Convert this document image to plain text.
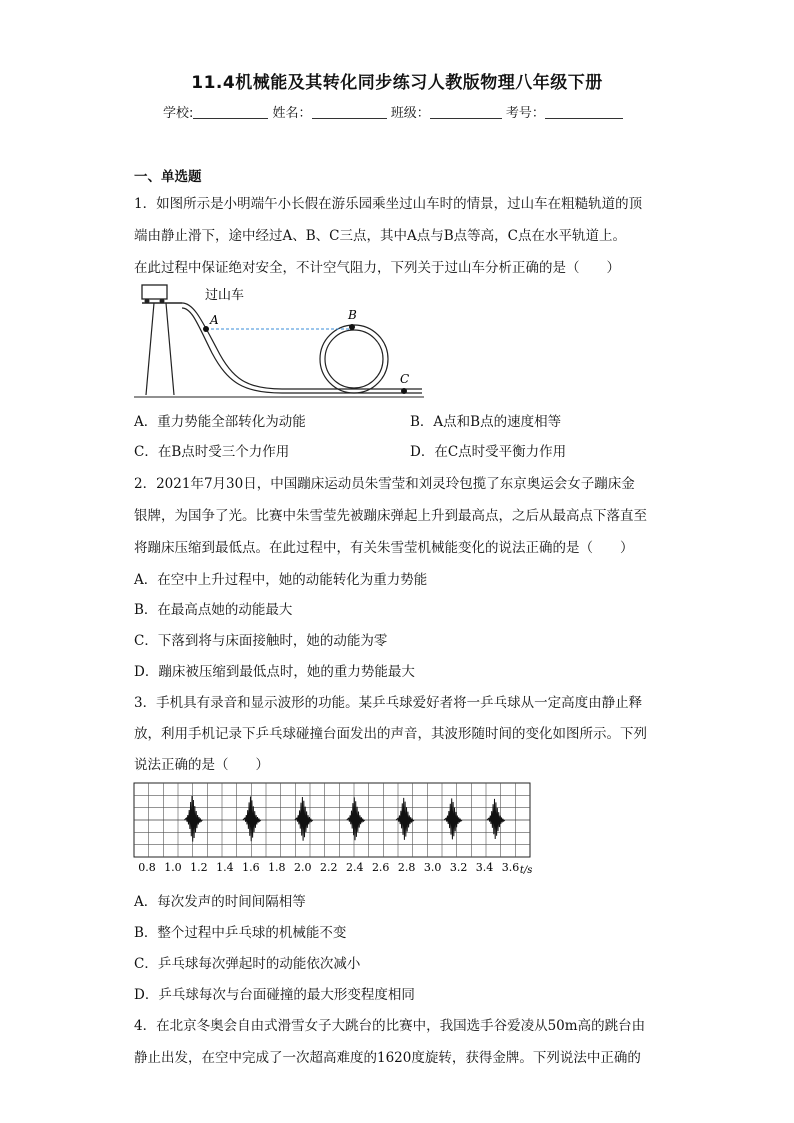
11.4机械能及其转化同步练习人教版物理八年级下册
学校:	姓名：	班级：	考号：
一、单选题
1．如图所示是小明端午小长假在游乐园乘坐过山车时的情景，过山车在粗糙轨道的顶
端由静止滑下，途中经过A、B、C三点，其中A点与B点等高，C点在水平轨道上。
在此过程中保证绝对安全，不计空气阻力，下列关于过山车分析正确的是（　　）
过山车
A	B
C
A．重力势能全部转化为动能	B．A点和B点的速度相等
C．在B点时受三个力作用	D．在C点时受平衡力作用
2．2021年7月30日，中国蹦床运动员朱雪莹和刘灵玲包揽了东京奥运会女子蹦床金
银牌，为国争了光。比赛中朱雪莹先被蹦床弹起上升到最高点，之后从最高点下落直至
将蹦床压缩到最低点。在此过程中，有关朱雪莹机械能变化的说法正确的是（　　）
A．在空中上升过程中，她的动能转化为重力势能
B．在最高点她的动能最大
C．下落到将与床面接触时，她的动能为零
D．蹦床被压缩到最低点时，她的重力势能最大
3．手机具有录音和显示波形的功能。某乒乓球爱好者将一乒乓球从一定高度由静止释
放，利用手机记录下乒乓球碰撞台面发出的声音，其波形随时间的变化如图所示。下列
说法正确的是（　　）
0.8 1.0 1.2 1.4 1.6 1.8 2.0 2.2 2.4 2.6 2.8 3.0 3.2 3.4 3.6 t/s
A．每次发声的时间间隔相等
B．整个过程中乒乓球的机械能不变
C．乒乓球每次弹起时的动能依次减小
D．乒乓球每次与台面碰撞的最大形变程度相同
4．在北京冬奥会自由式滑雪女子大跳台的比赛中，我国选手谷爱凌从50m高的跳台由
静止出发，在空中完成了一次超高难度的1620度旋转，获得金牌。下列说法中正确的
